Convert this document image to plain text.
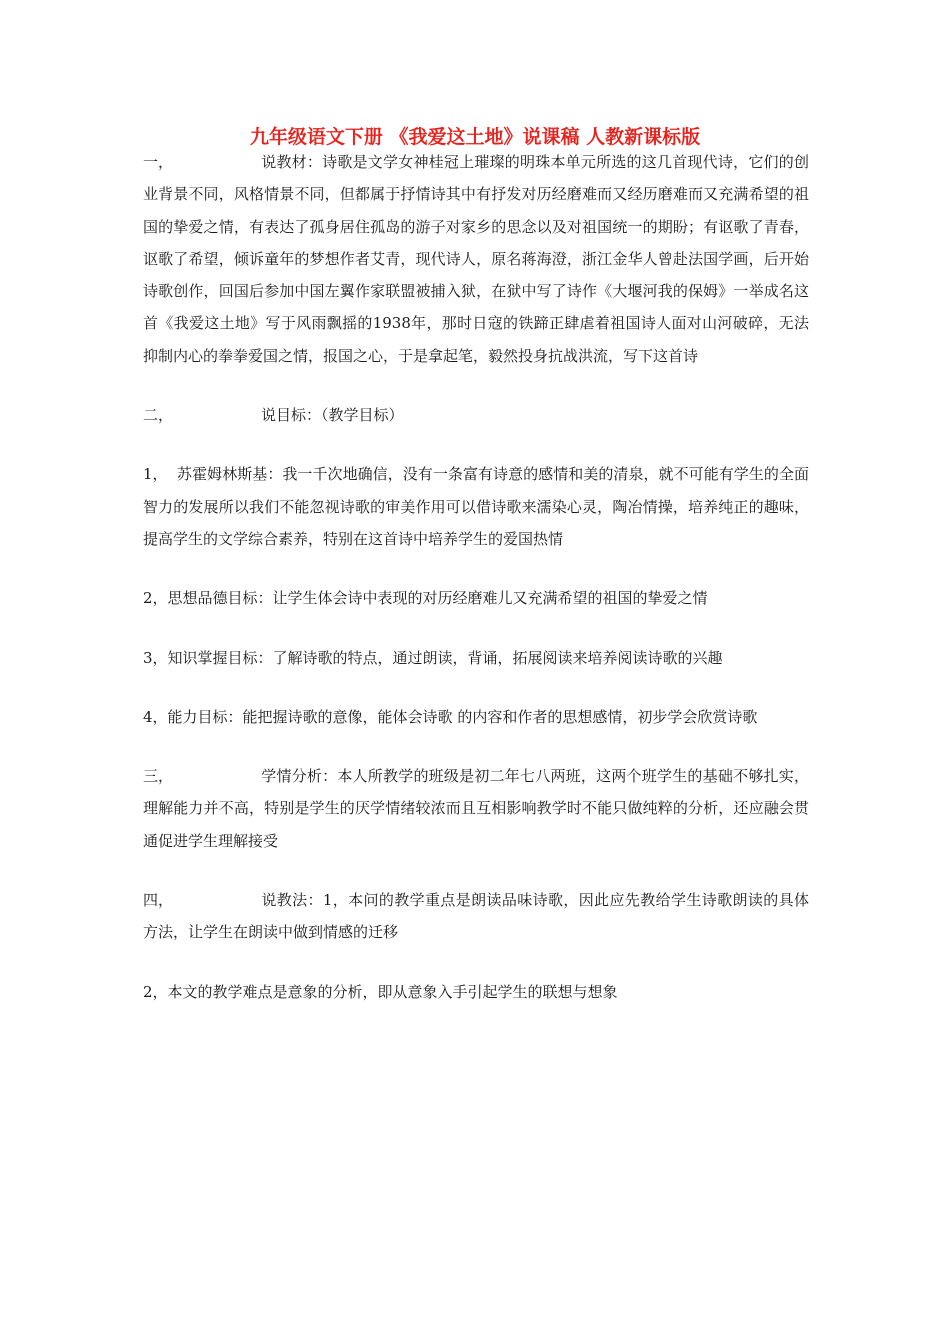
九年级语文下册 《我爱这土地》说课稿 人教新课标版

一，	说教材：诗歌是文学女神桂冠上璀璨的明珠本单元所选的这几首现代诗，它们的创业背景不同，风格情景不同，但都属于抒情诗其中有抒发对历经磨难而又经历磨难而又充满希望的祖国的挚爱之情，有表达了孤身居住孤岛的游子对家乡的思念以及对祖国统一的期盼；有讴歌了青春，讴歌了希望，倾诉童年的梦想作者艾青，现代诗人，原名蒋海澄，浙江金华人曾赴法国学画，后开始诗歌创作，回国后参加中国左翼作家联盟被捕入狱，在狱中写了诗作《大堰河我的保姆》一举成名这首《我爱这土地》写于风雨飘摇的1938年，那时日寇的铁蹄正肆虐着祖国诗人面对山河破碎，无法抑制内心的拳拳爱国之情，报国之心，于是拿起笔，毅然投身抗战洪流，写下这首诗

二，	说目标：（教学目标）

1， 苏霍姆林斯基：我一千次地确信，没有一条富有诗意的感情和美的清泉，就不可能有学生的全面智力的发展所以我们不能忽视诗歌的审美作用可以借诗歌来濡染心灵，陶冶情操，培养纯正的趣味，提高学生的文学综合素养，特别在这首诗中培养学生的爱国热情

2，思想品德目标：让学生体会诗中表现的对历经磨难儿又充满希望的祖国的挚爱之情

3，知识掌握目标：了解诗歌的特点，通过朗读，背诵，拓展阅读来培养阅读诗歌的兴趣

4，能力目标：能把握诗歌的意像，能体会诗歌 的内容和作者的思想感情，初步学会欣赏诗歌

三，	学情分析：本人所教学的班级是初二年七八两班，这两个班学生的基础不够扎实，理解能力并不高，特别是学生的厌学情绪较浓而且互相影响教学时不能只做纯粹的分析，还应融会贯通促进学生理解接受

四，	说教法：1，本问的教学重点是朗读品味诗歌，因此应先教给学生诗歌朗读的具体方法，让学生在朗读中做到情感的迁移

2，本文的教学难点是意象的分析，即从意象入手引起学生的联想与想象
